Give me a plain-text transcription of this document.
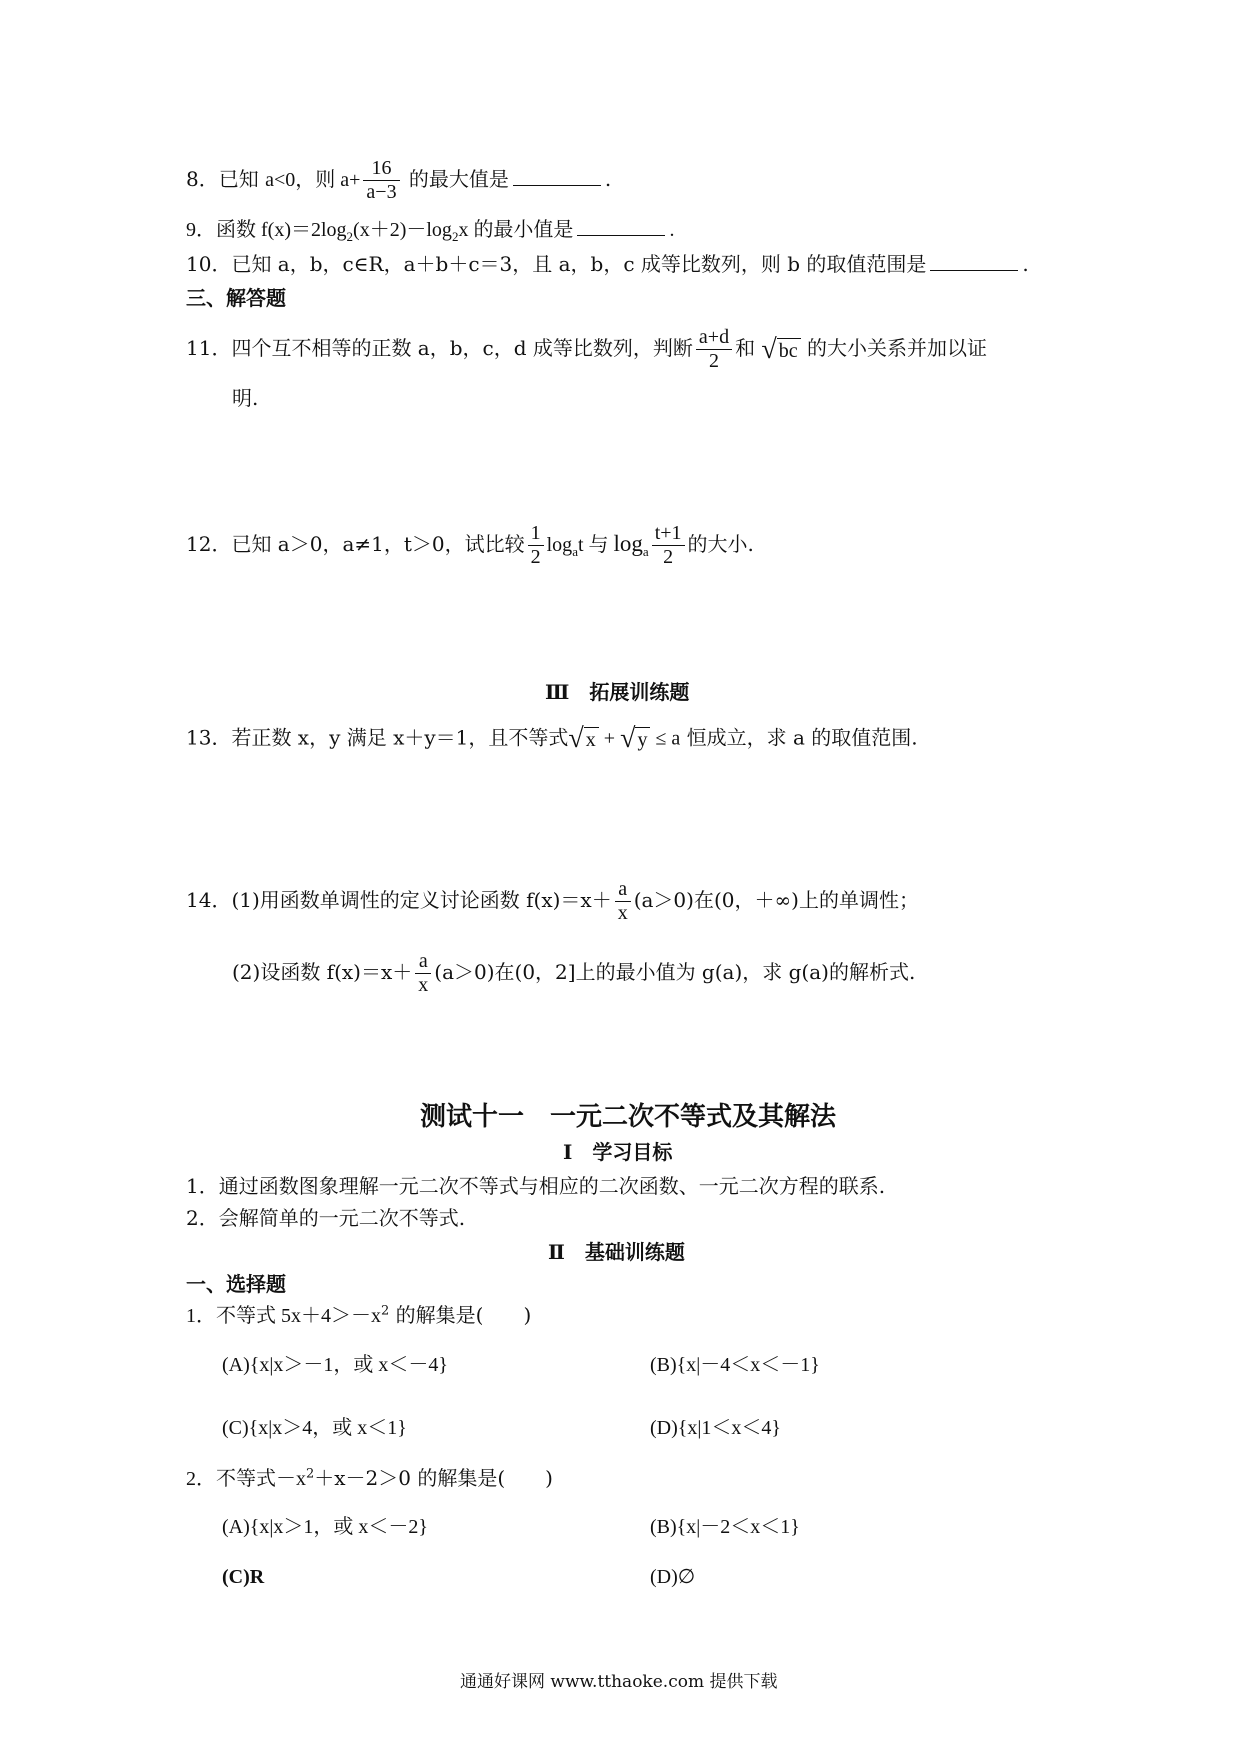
8．已知 a<0，则 $a+ \frac{16}{a-3}$ 的最大值是	.
9．函数 $f(x)=2\log_2(x+2)-\log_2x$ 的最小值是	.
10．已知 a，b，c∈R，a＋b＋c＝3，且 a，b，c 成等比数列，则 b 的取值范围是	.
三、解答题
11．四个互不相等的正数 a，b，c，d 成等比数列，判断 $\frac{a+d}{2}$ 和 √ bc 的大小关系并加以证
明.
12．已知 a＞0，a≠1，t＞0，试比较 $\frac{1}{2} \log_at$ 与 $\log_a \frac{t+1}{2}$ 的大小.
Ⅲ　拓展训练题
13．若正数 x，y 满足 x＋y＝1，且不等式√ x + √ y ≤ a 恒成立，求 a 的取值范围.
14．(1)用函数单调性的定义讨论函数 $f(x)=x+ \frac{a}{x} (a>0)$在(0，＋∞)上的单调性；
(2)设函数 $f(x)=x+ \frac{a}{x} (a>0)$在(0，2]上的最小值为 g(a)，求 g(a)的解析式.
测试十一　一元二次不等式及其解法
Ⅰ　学习目标
1．通过函数图象理解一元二次不等式与相应的二次函数、一元二次方程的联系.
2．会解简单的一元二次不等式.
Ⅱ　基础训练题
一、选择题
1．不等式 $5x+4>-x^2$ 的解集是(　　)
(A){x|x＞－1，或 x＜－4}	(B){x|－4＜x＜－1}
(C){x|x＞4，或 x＜1}	(D){x|1＜x＜4}
2．不等式$-x^2+x-2>0$ 的解集是(　　)
(A){x|x＞1，或 x＜－2}	(B){x|－2＜x＜1}
(C)R	(D)∅
通通好课网 www.tthaoke.com 提供下载
